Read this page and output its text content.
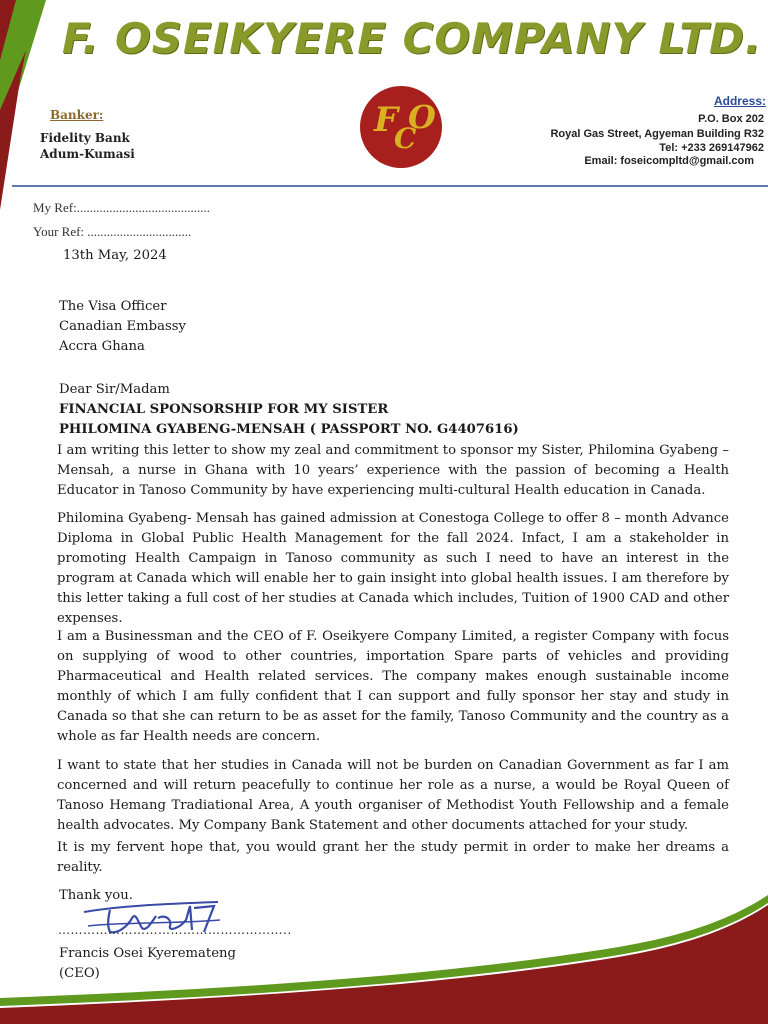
F. OSEIKYERE COMPANY LTD.
Banker:
Fidelity Bank
Adum-Kumasi
F
C
O	Address:
P.O. Box 202
Royal Gas Street, Agyeman Building R32
Tel: +233 269147962
Email: foseicompltd@gmail.com
My Ref:.........................................
Your Ref: ................................
13th May, 2024
The Visa Officer
Canadian Embassy
Accra Ghana
Dear Sir/Madam
FINANCIAL SPONSORSHIP FOR MY SISTER
PHILOMINA GYABENG-MENSAH ( PASSPORT NO. G4407616)
I am writing this letter to show my zeal and commitment to sponsor my Sister, Philomina Gyabeng – Mensah, a nurse in Ghana with 10 years’ experience with the passion of becoming a Health Educator in Tanoso Community by have experiencing multi-cultural Health education in Canada.
Philomina Gyabeng- Mensah has gained admission at Conestoga College to offer 8 – month Advance Diploma in Global Public Health Management for the fall 2024. Infact, I am a stakeholder in promoting Health Campaign in Tanoso community as such I need to have an interest in the program at Canada which will enable her to gain insight into global health issues. I am therefore by this letter taking a full cost of her studies at Canada which includes, Tuition of 1900 CAD and other expenses.
I am a Businessman and the CEO of F. Oseikyere Company Limited, a register Company with focus on supplying of wood to other countries, importation Spare parts of vehicles and providing Pharmaceutical and Health related services. The company makes enough sustainable income monthly of which I am fully confident that I can support and fully sponsor her stay and study in Canada so that she can return to be as asset for the family, Tanoso Community and the country as a whole as far Health needs are concern.
I want to state that her studies in Canada will not be burden on Canadian Government as far I am concerned and will return peacefully to continue her role as a nurse, a would be Royal Queen of Tanoso Hemang Tradiational Area, A youth organiser of Methodist Youth Fellowship and a female health advocates. My Company Bank Statement and other documents attached for your study.
It is my fervent hope that, you would grant her the study permit in order to make her dreams a reality.
Thank you.
………………………………………………..
Francis Osei Kyeremateng
(CEO)
